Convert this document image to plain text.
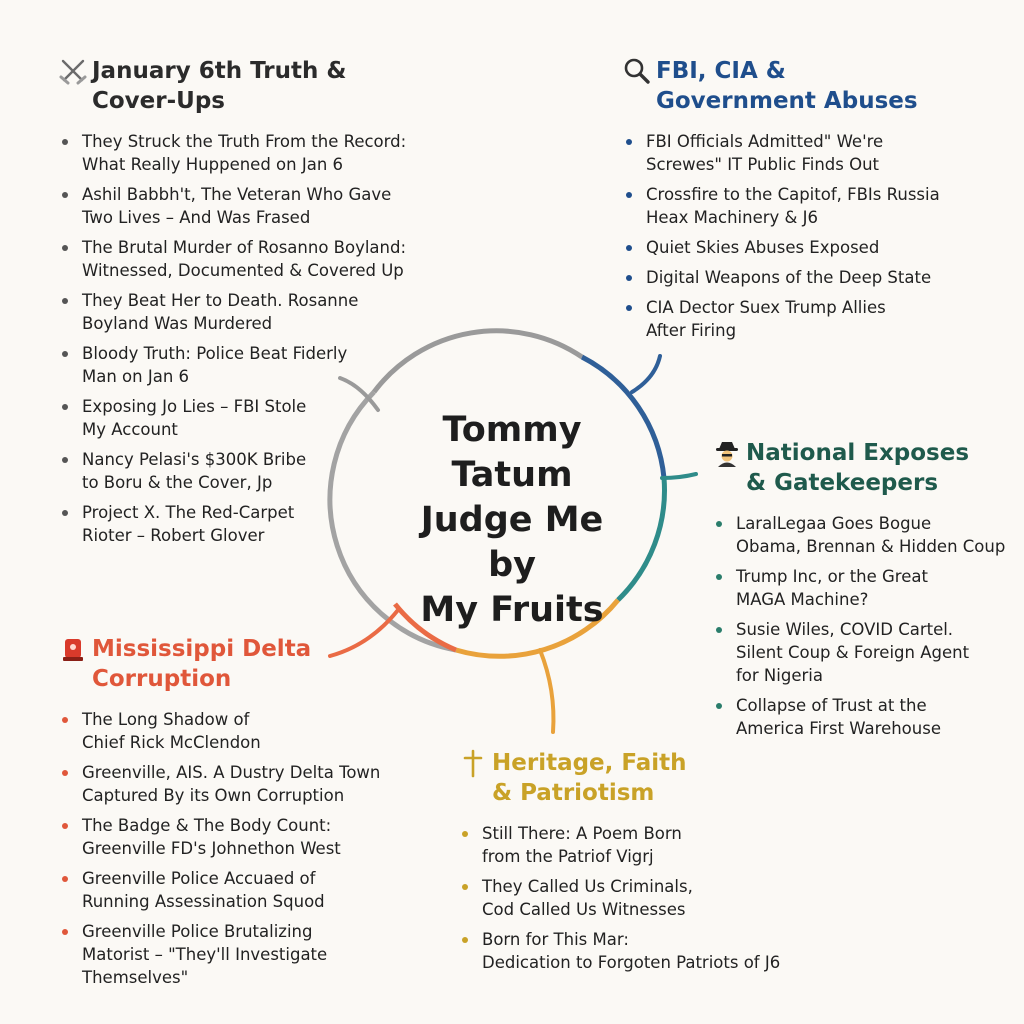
Tommy
Tatum
Judge Me by
My Fruits
January 6th Truth &
Cover-Ups
They Struck the Truth From the Record:
What Really Huppened on Jan 6
Ashil Babbh't, The Veteran Who Gave
Two Lives – And Was Frased
The Brutal Murder of Rosanno Boyland:
Witnessed, Documented & Covered Up
They Beat Her to Death. Rosanne
Boyland Was Murdered
Bloody Truth: Police Beat Fiderly
Man on Jan 6
Exposing Jo Lies – FBI Stole
My Account
Nancy Pelasi's $300K Bribe
to Boru & the Cover, Jp
Project X. The Red-Carpet
Rioter – Robert Glover
FBI, CIA &
Government Abuses
FBI Officials Admitted" We're
Screwes" IT Public Finds Out
Crossfire to the Capitof, FBIs Russia
Heax Machinery & J6
Quiet Skies Abuses Exposed
Digital Weapons of the Deep State
CIA Dector Suex Trump Allies
After Firing
National Exposes
& Gatekeepers
LaralLegaa Goes Bogue
Obama, Brennan & Hidden Coup
Trump Inc, or the Great
MAGA Machine?
Susie Wiles, COVID Cartel.
Silent Coup & Foreign Agent
for Nigeria
Collapse of Trust at the
America First Warehouse
Mississippi Delta
Corruption
The Long Shadow of
Chief Rick McClendon
Greenville, AIS. A Dustry Delta Town
Captured By its Own Corruption
The Badge & The Body Count:
Greenville FD's Johnethon West
Greenville Police Accuaed of
Running Assessination Squod
Greenville Police Brutalizing
Matorist – "They'll Investigate
Themselves"
Heritage, Faith
& Patriotism
Still There: A Poem Born
from the Patriof Vigrj
They Called Us Criminals,
Cod Called Us Witnesses
Born for This Mar:
Dedication to Forgoten Patriots of J6
